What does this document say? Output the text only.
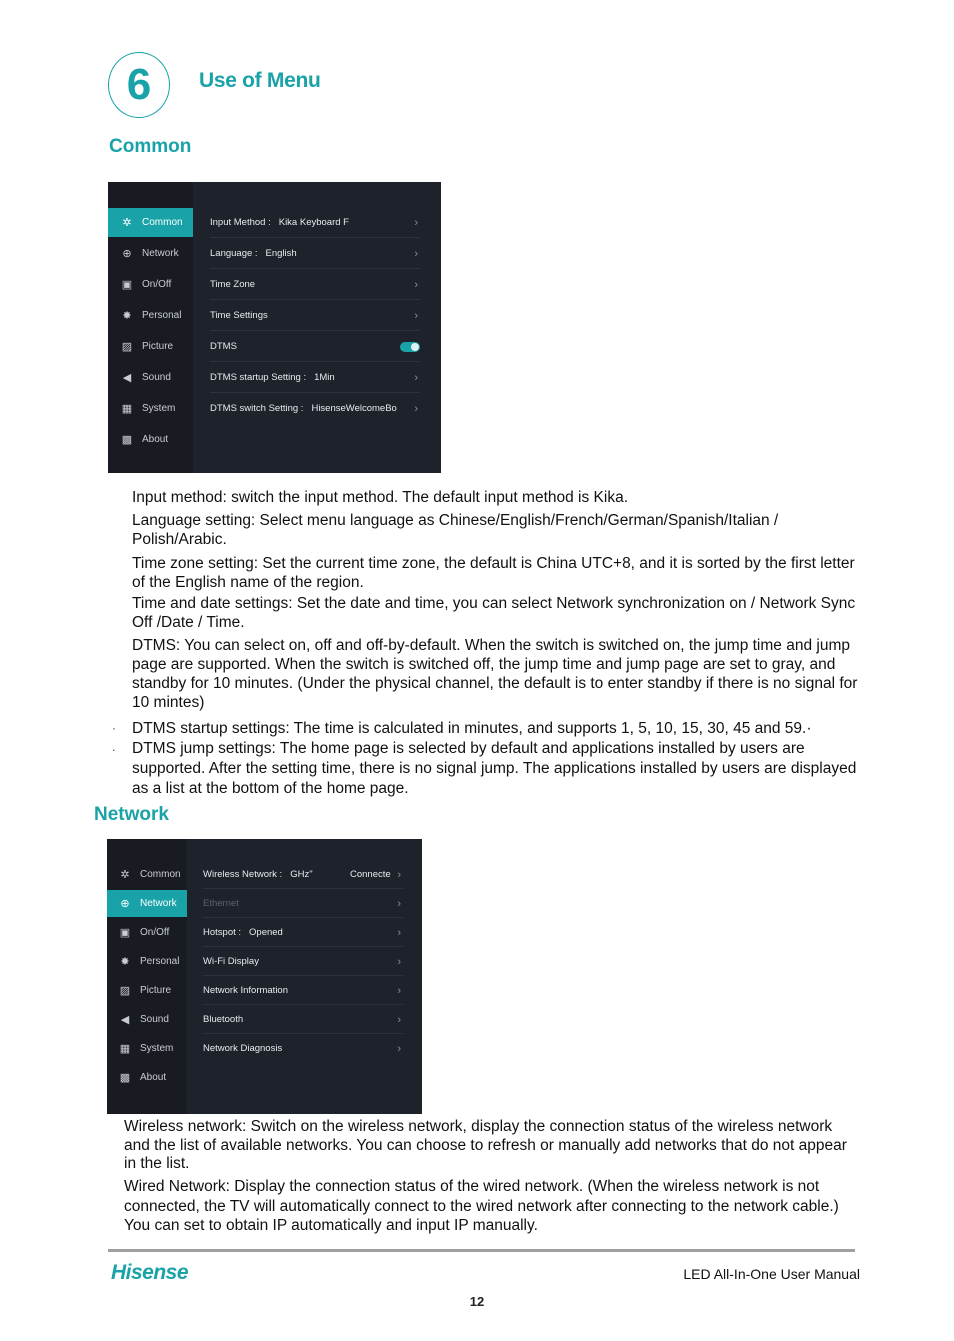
6	Use of Menu
Common
✲ Common
⊕ Network
▣ On/Off
✸ Personal
▨ Picture
◀ Sound
▦ System
▩ About
Input Method : Kika Keyboard F	›
Language : English	›
Time Zone	›
Time Settings	›
DTMS
DTMS startup Setting : 1Min	›
DTMS switch Setting : HisenseWelcomeBo ›
Input method: switch the input method. The default input method is Kika.
Language setting: Select menu language as Chinese/English/French/German/Spanish/Italian / Polish/Arabic.
Time zone setting: Set the current time zone, the default is China UTC+8, and it is sorted by the first letter of the English name of the region.
Time and date settings: Set the date and time, you can select Network synchronization on / Network Sync Off /Date / Time.
DTMS: You can select on, off and off-by-default. When the switch is switched on, the jump time and jump page are supported. When the switch is switched off, the jump time and jump page are set to gray, and standby for 10 minutes. (Under the physical channel, the default is to enter standby if there is no signal for 10 mintes)
· DTMS startup settings: The time is calculated in minutes, and supports 1, 5, 10, 15, 30, 45 and 59.·
. DTMS jump settings: The home page is selected by default and applications installed by users are supported. After the setting time, there is no signal jump. The applications installed by users are displayed as a list at the bottom of the home page.
Network
✲ Common
⊕ Network
▣ On/Off
✸ Personal
▨ Picture
◀ Sound
▦ System
▩ About
Wireless Network : GHz"	Connecte ›
Ethernet	›
Hotspot : Opened	›
Wi-Fi Display	›
Network Information	›
Bluetooth	›
Network Diagnosis	›
Wireless network: Switch on the wireless network, display the connection status of the wireless network and the list of available networks. You can choose to refresh or manually add networks that do not appear in the list.
Wired Network: Display the connection status of the wired network. (When the wireless network is not connected, the TV will automatically connect to the wired network after connecting to the network cable.) You can set to obtain IP automatically and input IP manually.
Hisense	LED All-In-One User Manual
12
